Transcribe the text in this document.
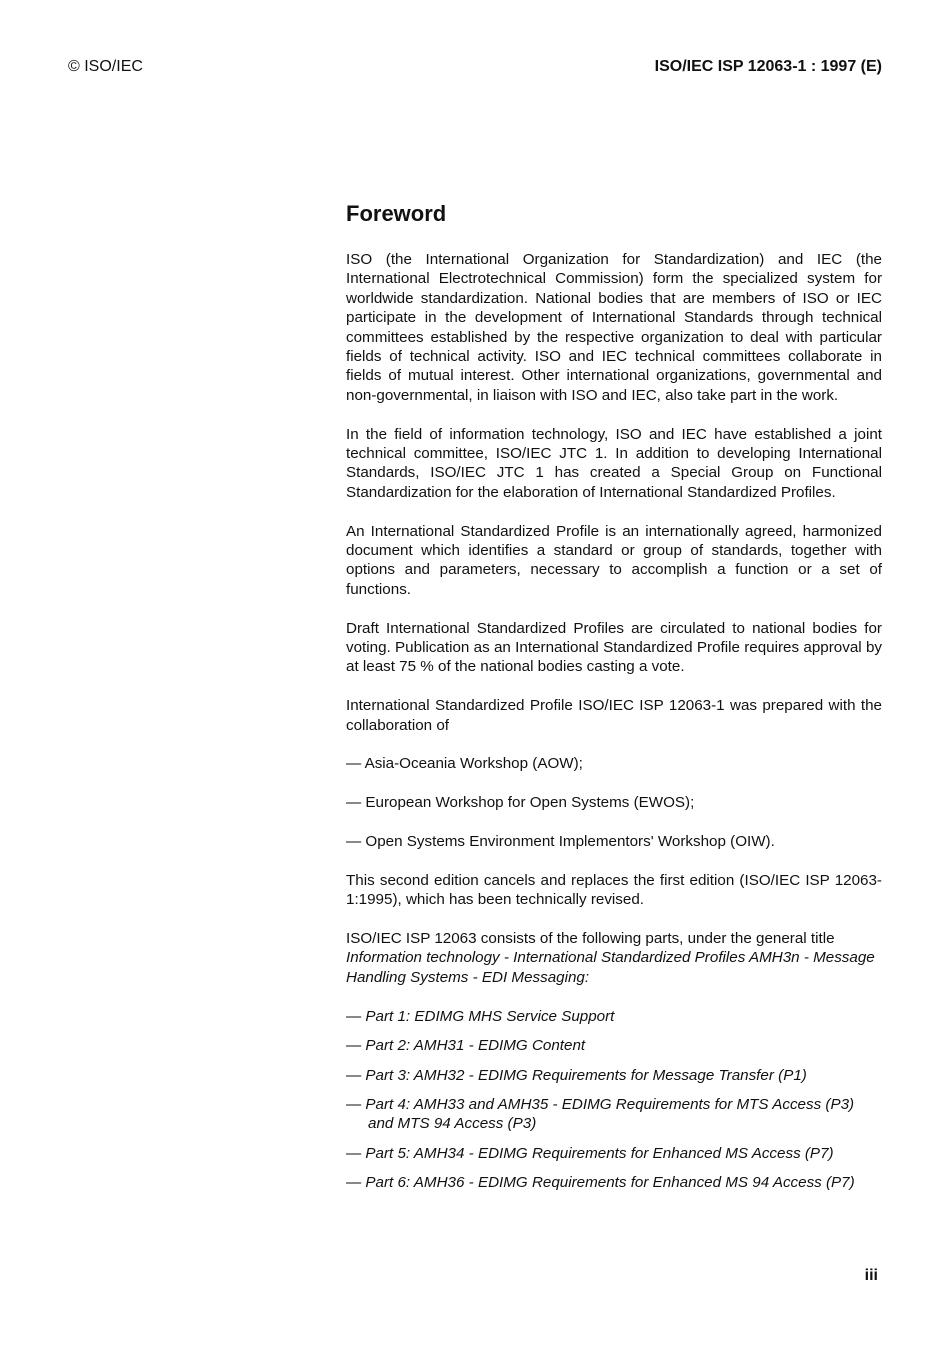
© ISO/IEC	ISO/IEC ISP 12063-1 : 1997 (E)
Foreword

ISO (the International Organization for Standardization) and IEC (the International Electrotechnical Commission) form the specialized system for worldwide standardization. National bodies that are members of ISO or IEC participate in the development of International Standards through technical committees established by the respective organization to deal with particular fields of technical activity. ISO and IEC technical committees collaborate in fields of mutual interest. Other international organizations, governmental and non-governmental, in liaison with ISO and IEC, also take part in the work.

In the field of information technology, ISO and IEC have established a joint technical committee, ISO/IEC JTC 1. In addition to developing International Standards, ISO/IEC JTC 1 has created a Special Group on Functional Standardization for the elaboration of International Standardized Profiles.

An International Standardized Profile is an internationally agreed, harmonized document which identifies a standard or group of standards, together with options and parameters, necessary to accomplish a function or a set of functions.

Draft International Standardized Profiles are circulated to national bodies for voting. Publication as an International Standardized Profile requires approval by at least 75 % of the national bodies casting a vote.

International Standardized Profile ISO/IEC ISP 12063-1 was prepared with the collaboration of

— Asia-Oceania Workshop (AOW);
— European Workshop for Open Systems (EWOS);
— Open Systems Environment Implementors' Workshop (OIW).

This second edition cancels and replaces the first edition (ISO/IEC ISP 12063-1:1995), which has been technically revised.

ISO/IEC ISP 12063 consists of the following parts, under the general title Information technology - International Standardized Profiles AMH3n - Message Handling Systems - EDI Messaging:

— Part 1: EDIMG MHS Service Support
— Part 2: AMH31 - EDIMG Content
— Part 3: AMH32 - EDIMG Requirements for Message Transfer (P1)
— Part 4: AMH33 and AMH35 - EDIMG Requirements for MTS Access (P3) and MTS 94 Access (P3)
— Part 5: AMH34 - EDIMG Requirements for Enhanced MS Access (P7)
— Part 6: AMH36 - EDIMG Requirements for Enhanced MS 94 Access (P7)
iii
